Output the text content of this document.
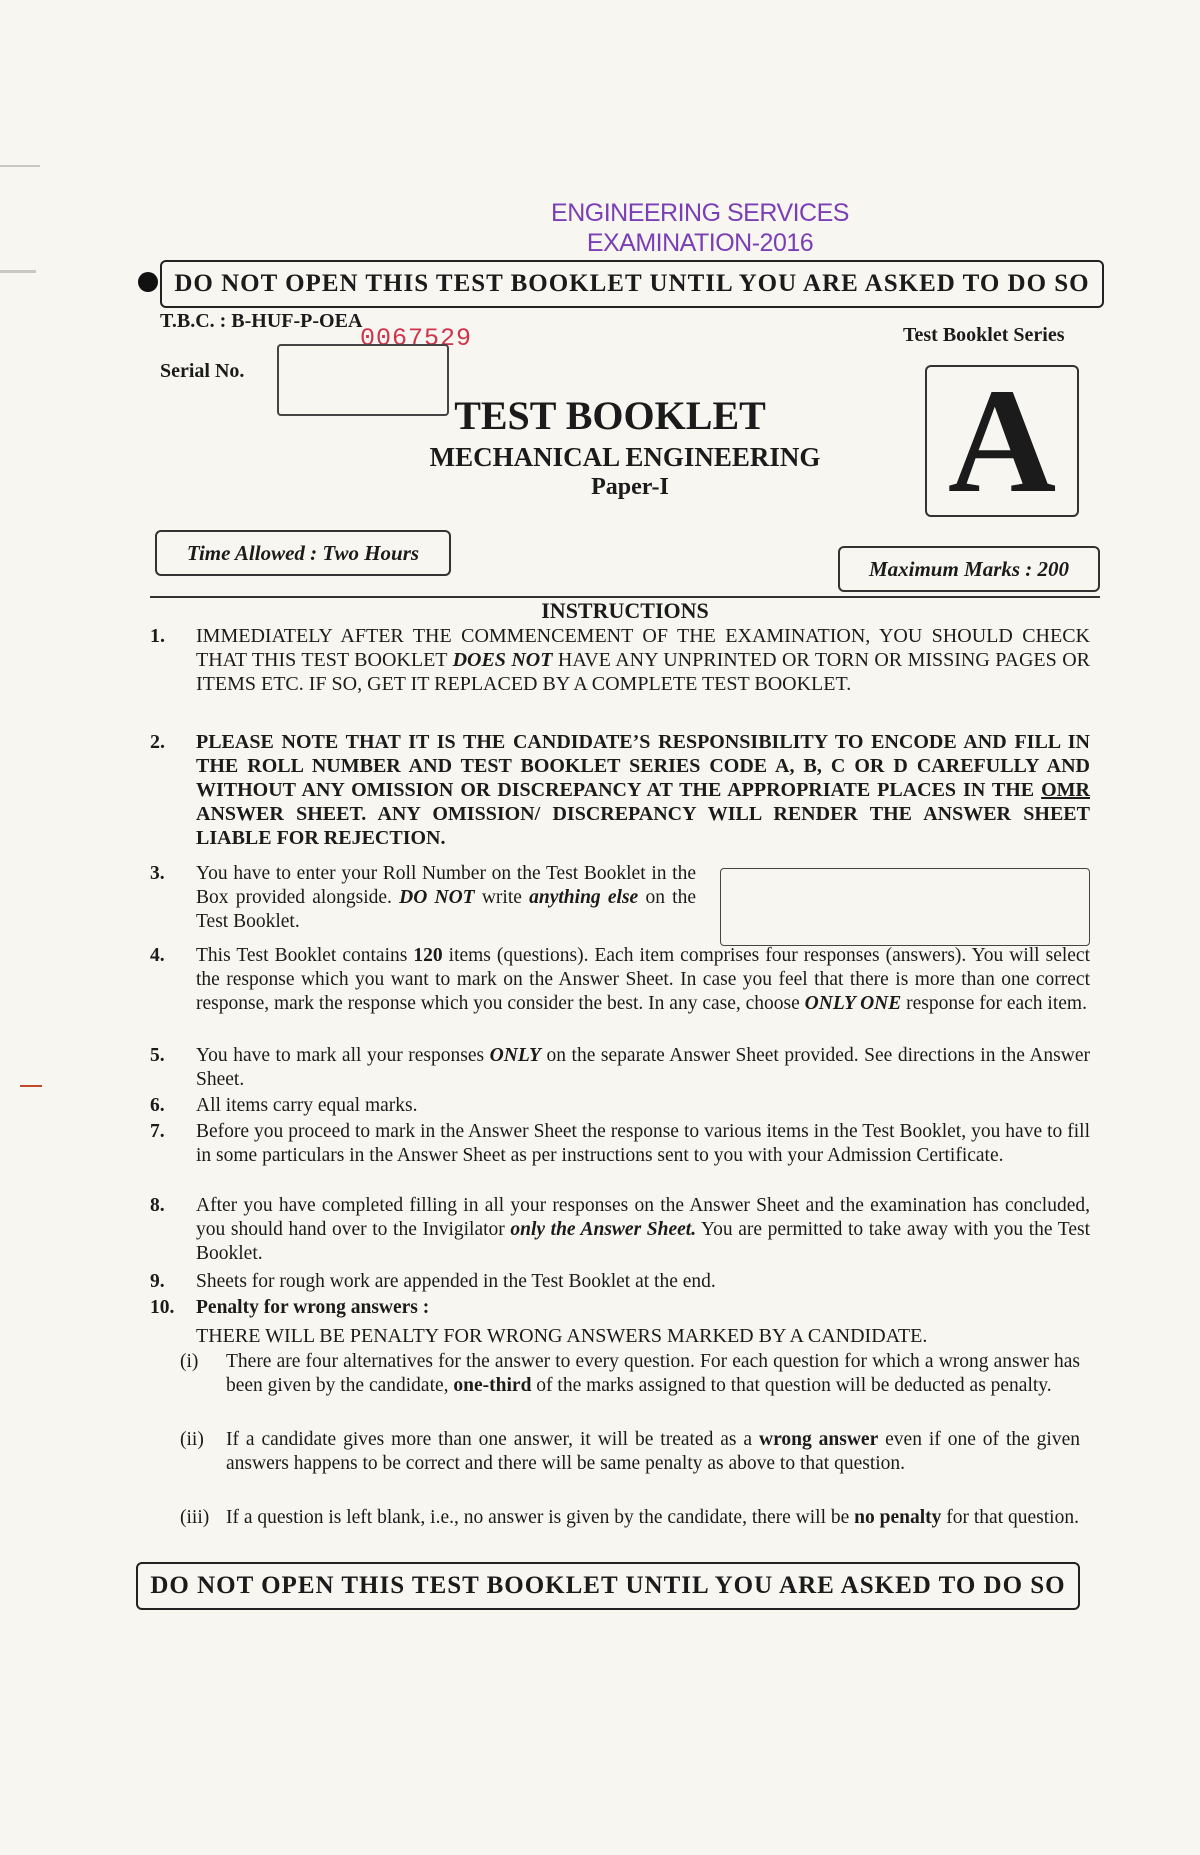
ENGINEERING SERVICES
EXAMINATION-2016
DO NOT OPEN THIS TEST BOOKLET UNTIL YOU ARE ASKED TO DO SO
T.B.C. : B-HUF-P-OEA
0067529
Serial No.
Test Booklet Series
A
TEST BOOKLET
MECHANICAL ENGINEERING
Paper-I
Time Allowed : Two Hours
Maximum Marks : 200
INSTRUCTIONS
1. IMMEDIATELY AFTER THE COMMENCEMENT OF THE EXAMINATION, YOU SHOULD CHECK THAT THIS TEST BOOKLET DOES NOT HAVE ANY UNPRINTED OR TORN OR MISSING PAGES OR ITEMS ETC. IF SO, GET IT REPLACED BY A COMPLETE TEST BOOKLET.
2. PLEASE NOTE THAT IT IS THE CANDIDATE’S RESPONSIBILITY TO ENCODE AND FILL IN THE ROLL NUMBER AND TEST BOOKLET SERIES CODE A, B, C OR D CAREFULLY AND WITHOUT ANY OMISSION OR DISCREPANCY AT THE APPROPRIATE PLACES IN THE OMR ANSWER SHEET. ANY OMISSION/ DISCREPANCY WILL RENDER THE ANSWER SHEET LIABLE FOR REJECTION.
3. You have to enter your Roll Number on the Test Booklet in the Box provided alongside. DO NOT write anything else on the Test Booklet.
4. This Test Booklet contains 120 items (questions). Each item comprises four responses (answers). You will select the response which you want to mark on the Answer Sheet. In case you feel that there is more than one correct response, mark the response which you consider the best. In any case, choose ONLY ONE response for each item.
5. You have to mark all your responses ONLY on the separate Answer Sheet provided. See directions in the Answer Sheet.
6. All items carry equal marks.
7. Before you proceed to mark in the Answer Sheet the response to various items in the Test Booklet, you have to fill in some particulars in the Answer Sheet as per instructions sent to you with your Admission Certificate.
8. After you have completed filling in all your responses on the Answer Sheet and the examination has concluded, you should hand over to the Invigilator only the Answer Sheet. You are permitted to take away with you the Test Booklet.
9. Sheets for rough work are appended in the Test Booklet at the end.
10. Penalty for wrong answers :
THERE WILL BE PENALTY FOR WRONG ANSWERS MARKED BY A CANDIDATE.
(i) There are four alternatives for the answer to every question. For each question for which a wrong answer has been given by the candidate, one-third of the marks assigned to that question will be deducted as penalty.
(ii) If a candidate gives more than one answer, it will be treated as a wrong answer even if one of the given answers happens to be correct and there will be same penalty as above to that question.
(iii) If a question is left blank, i.e., no answer is given by the candidate, there will be no penalty for that question.
DO NOT OPEN THIS TEST BOOKLET UNTIL YOU ARE ASKED TO DO SO
